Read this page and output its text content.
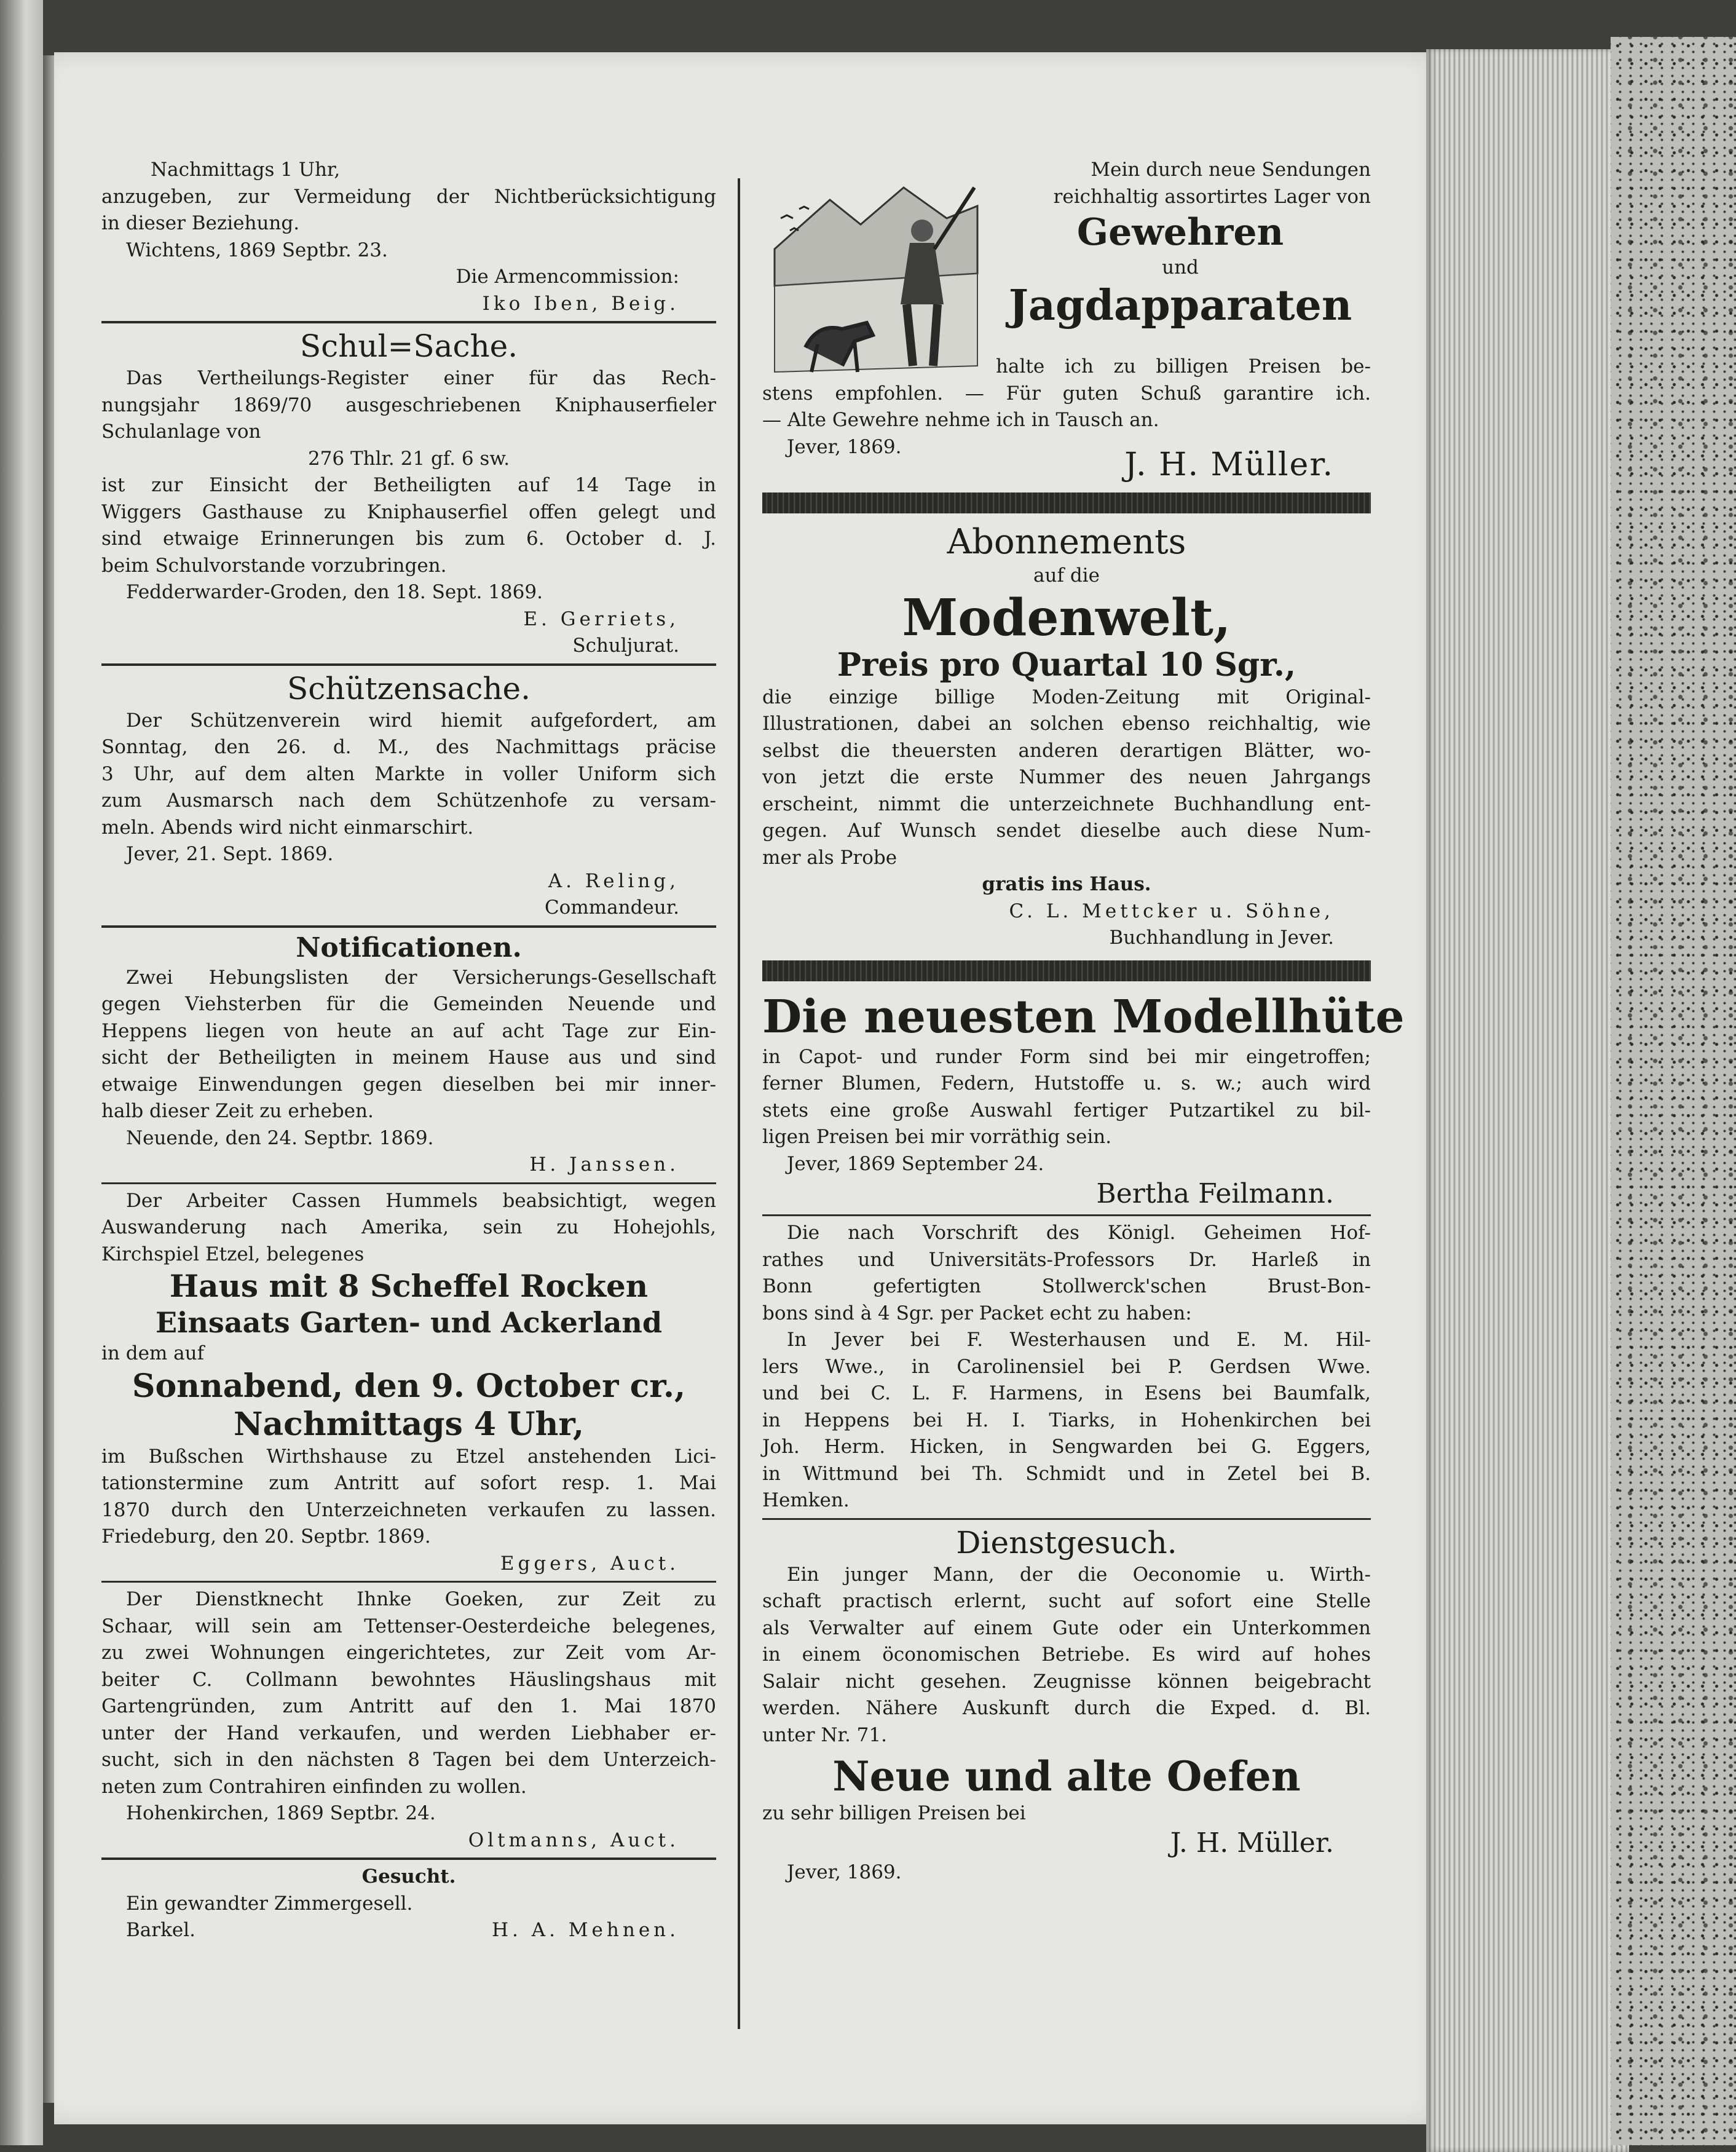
Nachmittags 1 Uhr,
anzugeben, zur Vermeidung der Nichtberücksichtigung
in dieser Beziehung.
Wichtens, 1869 Septbr. 23.
Die Armencommission:
Iko Iben, Beig.
Schul=Sache.
Das Vertheilungs-Register einer für das Rech-
nungsjahr 1869/70 ausgeschriebenen Kniphauserfieler
Schulanlage von
276 Thlr. 21 gf. 6 sw.
ist zur Einsicht der Betheiligten auf 14 Tage in
Wiggers Gasthause zu Kniphauserfiel offen gelegt und
sind etwaige Erinnerungen bis zum 6. October d. J.
beim Schulvorstande vorzubringen.
Fedderwarder-Groden, den 18. Sept. 1869.
E. Gerriets,
Schuljurat.
Schützensache.
Der Schützenverein wird hiemit aufgefordert, am
Sonntag, den 26. d. M., des Nachmittags präcise
3 Uhr, auf dem alten Markte in voller Uniform sich
zum Ausmarsch nach dem Schützenhofe zu versam-
meln. Abends wird nicht einmarschirt.
Jever, 21. Sept. 1869.
A. Reling,
Commandeur.
Notificationen.
Zwei Hebungslisten der Versicherungs-Gesellschaft
gegen Viehsterben für die Gemeinden Neuende und
Heppens liegen von heute an auf acht Tage zur Ein-
sicht der Betheiligten in meinem Hause aus und sind
etwaige Einwendungen gegen dieselben bei mir inner-
halb dieser Zeit zu erheben.
Neuende, den 24. Septbr. 1869.
H. Janssen.
Der Arbeiter Cassen Hummels beabsichtigt, wegen
Auswanderung nach Amerika, sein zu Hohejohls,
Kirchspiel Etzel, belegenes
Haus mit 8 Scheffel Rocken
Einsaats Garten- und Ackerland
in dem auf
Sonnabend, den 9. October cr.,
Nachmittags 4 Uhr,
im Bußschen Wirthshause zu Etzel anstehenden Lici-
tationstermine zum Antritt auf sofort resp. 1. Mai
1870 durch den Unterzeichneten verkaufen zu lassen.
Friedeburg, den 20. Septbr. 1869.
Eggers, Auct.
Der Dienstknecht Ihnke Goeken, zur Zeit zu
Schaar, will sein am Tettenser-Oesterdeiche belegenes,
zu zwei Wohnungen eingerichtetes, zur Zeit vom Ar-
beiter C. Collmann bewohntes Häuslingshaus mit
Gartengründen, zum Antritt auf den 1. Mai 1870
unter der Hand verkaufen, und werden Liebhaber er-
sucht, sich in den nächsten 8 Tagen bei dem Unterzeich-
neten zum Contrahiren einfinden zu wollen.
Hohenkirchen, 1869 Septbr. 24.
Oltmanns, Auct.
Gesucht.
Ein gewandter Zimmergesell.
Barkel.	H. A. Mehnen.
Mein durch neue Sendungen
reichhaltig assortirtes Lager von
Gewehren
und
Jagdapparaten
halte ich zu billigen Preisen be-
stens empfohlen. — Für guten Schuß garantire ich.
— Alte Gewehre nehme ich in Tausch an.
Jever, 1869.	J. H. Müller.
Abonnements
auf die
Modenwelt,
Preis pro Quartal 10 Sgr.,
die einzige billige Moden-Zeitung mit Original-
Illustrationen, dabei an solchen ebenso reichhaltig, wie
selbst die theuersten anderen derartigen Blätter, wo-
von jetzt die erste Nummer des neuen Jahrgangs
erscheint, nimmt die unterzeichnete Buchhandlung ent-
gegen. Auf Wunsch sendet dieselbe auch diese Num-
mer als Probe
gratis ins Haus.
C. L. Mettcker u. Söhne,
Buchhandlung in Jever.
Die neuesten Modellhüte
in Capot- und runder Form sind bei mir eingetroffen;
ferner Blumen, Federn, Hutstoffe u. s. w.; auch wird
stets eine große Auswahl fertiger Putzartikel zu bil-
ligen Preisen bei mir vorräthig sein.
Jever, 1869 September 24.
Bertha Feilmann.
Die nach Vorschrift des Königl. Geheimen Hof-
rathes und Universitäts-Professors Dr. Harleß in
Bonn gefertigten Stollwerck'schen Brust-Bon-
bons sind à 4 Sgr. per Packet echt zu haben:
In Jever bei F. Westerhausen und E. M. Hil-
lers Wwe., in Carolinensiel bei P. Gerdsen Wwe.
und bei C. L. F. Harmens, in Esens bei Baumfalk,
in Heppens bei H. I. Tiarks, in Hohenkirchen bei
Joh. Herm. Hicken, in Sengwarden bei G. Eggers,
in Wittmund bei Th. Schmidt und in Zetel bei B.
Hemken.
Dienstgesuch.
Ein junger Mann, der die Oeconomie u. Wirth-
schaft practisch erlernt, sucht auf sofort eine Stelle
als Verwalter auf einem Gute oder ein Unterkommen
in einem öconomischen Betriebe. Es wird auf hohes
Salair nicht gesehen. Zeugnisse können beigebracht
werden. Nähere Auskunft durch die Exped. d. Bl.
unter Nr. 71.
Neue und alte Oefen
zu sehr billigen Preisen bei
J. H. Müller.
Jever, 1869.
